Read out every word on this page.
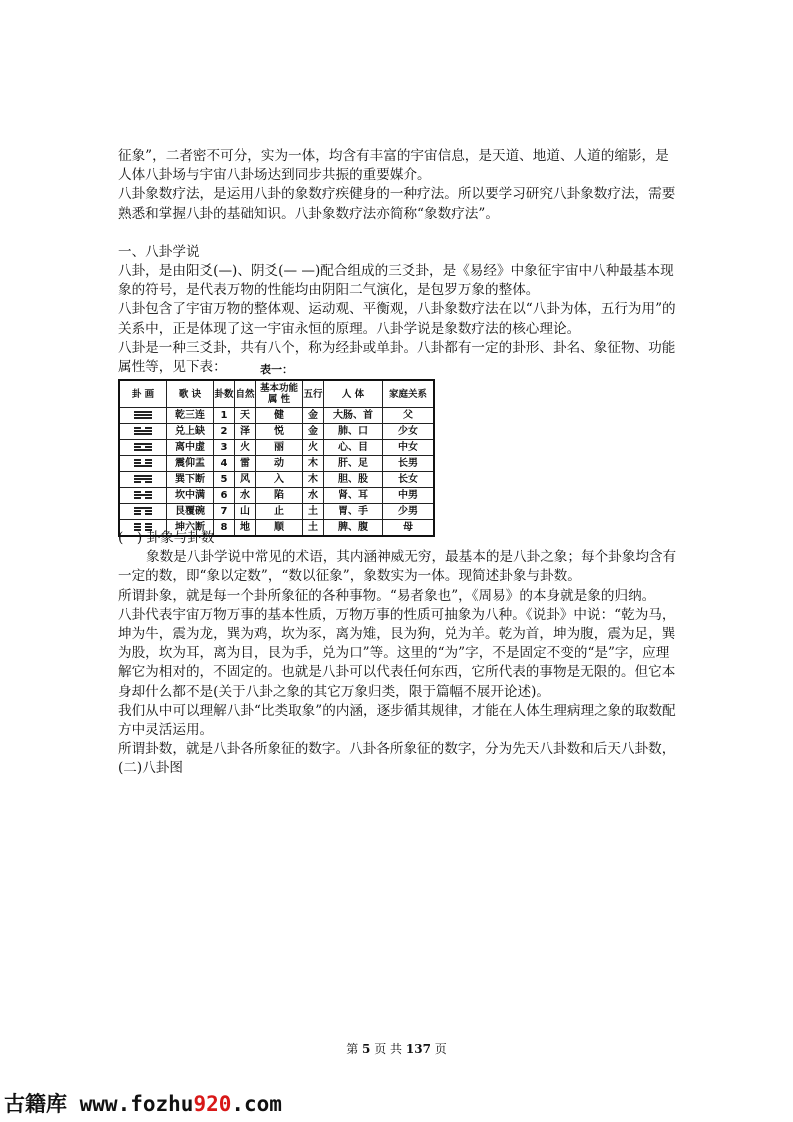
征象”，二者密不可分，实为一体，均含有丰富的宇宙信息，是天道、地道、人道的缩影，是人体八卦场与宇宙八卦场达到同步共振的重要媒介。

八卦象数疗法，是运用八卦的象数疗疾健身的一种疗法。所以要学习研究八卦象数疗法，需要熟悉和掌握八卦的基础知识。八卦象数疗法亦简称“象数疗法”。

一、八卦学说

八卦，是由阳爻(—)、阴爻(— —)配合组成的三爻卦，是《易经》中象征宇宙中八种最基本现象的符号，是代表万物的性能均由阴阳二气演化，是包罗万象的整体。

八卦包含了宇宙万物的整体观、运动观、平衡观，八卦象数疗法在以“八卦为体，五行为用”的关系中，正是体现了这一宇宙永恒的原理。八卦学说是象数疗法的核心理论。

八卦是一种三爻卦，共有八个，称为经卦或单卦。八卦都有一定的卦形、卦名、象征物、功能属性等，见下表：	表一：
卦 画	歌 诀	卦数	自然	基本功能属 性	五行	人 体	家庭关系

	乾三连	1	天	健	金	大肠、首	父

	兑上缺	2	泽	悦	金	肺、口	少女

	离中虚	3	火	丽	火	心、目	中女

	震仰盂	4	雷	动	木	肝、足	长男

	巽下断	5	风	入	木	胆、股	长女

	坎中满	6	水	陷	水	肾、耳	中男

	艮覆碗	7	山	止	土	胃、手	少男

	坤六断	8	地	顺	土	脾、腹	母

(一) 卦象与卦数

象数是八卦学说中常见的术语，其内涵神威无穷，最基本的是八卦之象；每个卦象均含有一定的数，即“象以定数”，“数以征象”，象数实为一体。现简述卦象与卦数。

所谓卦象，就是每一个卦所象征的各种事物。“易者象也”，《周易》的本身就是象的归纳。

八卦代表宇宙万物万事的基本性质，万物万事的性质可抽象为八种。《说卦》中说：“乾为马，坤为牛，震为龙，巽为鸡，坎为豕，离为雉，艮为狗，兑为羊。乾为首，坤为腹，震为足，巽为股，坎为耳，离为目，艮为手，兑为口”等。这里的“为”字，不是固定不变的“是”字，应理解它为相对的，不固定的。也就是八卦可以代表任何东西，它所代表的事物是无限的。但它本身却什么都不是(关于八卦之象的其它万象归类，限于篇幅不展开论述)。

我们从中可以理解八卦“比类取象”的内涵，逐步循其规律，才能在人体生理病理之象的取数配方中灵活运用。

所谓卦数，就是八卦各所象征的数字。八卦各所象征的数字，分为先天八卦数和后天八卦数，

(二)八卦图

第 5 页 共 137 页
古籍库 www.fozhu920.com
